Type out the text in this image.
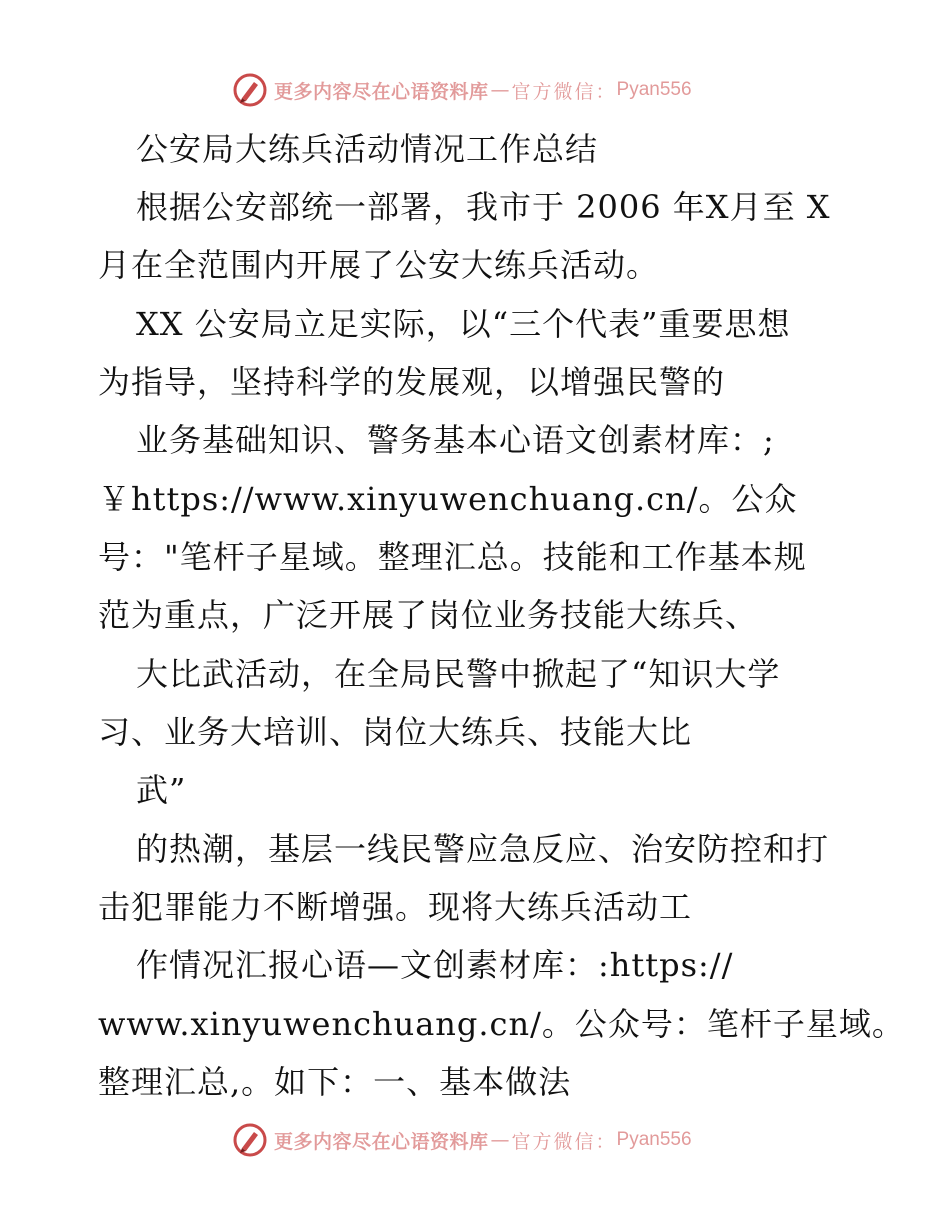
更多内容尽在心语资料库 — 官方微信： Pyan556
公安局大练兵活动情况工作总结
根据公安部统一部署，我市于 2006 年X月至 X
月在全范围内开展了公安大练兵活动。
XX 公安局立足实际，以“三个代表”重要思想
为指导，坚持科学的发展观，以增强民警的
业务基础知识、警务基本心语文创素材库：;
￥https://www.xinyuwenchuang.cn/。公众
号："笔杆子星域。整理汇总。技能和工作基本规
范为重点，广泛开展了岗位业务技能大练兵、
大比武活动，在全局民警中掀起了“知识大学
习、业务大培训、岗位大练兵、技能大比
武”
的热潮，基层一线民警应急反应、治安防控和打
击犯罪能力不断增强。现将大练兵活动工
作情况汇报心语—文创素材库：:https://
www.xinyuwenchuang.cn/。公众号：笔杆子星域。
整理汇总,。如下：一、基本做法
更多内容尽在心语资料库 — 官方微信： Pyan556
